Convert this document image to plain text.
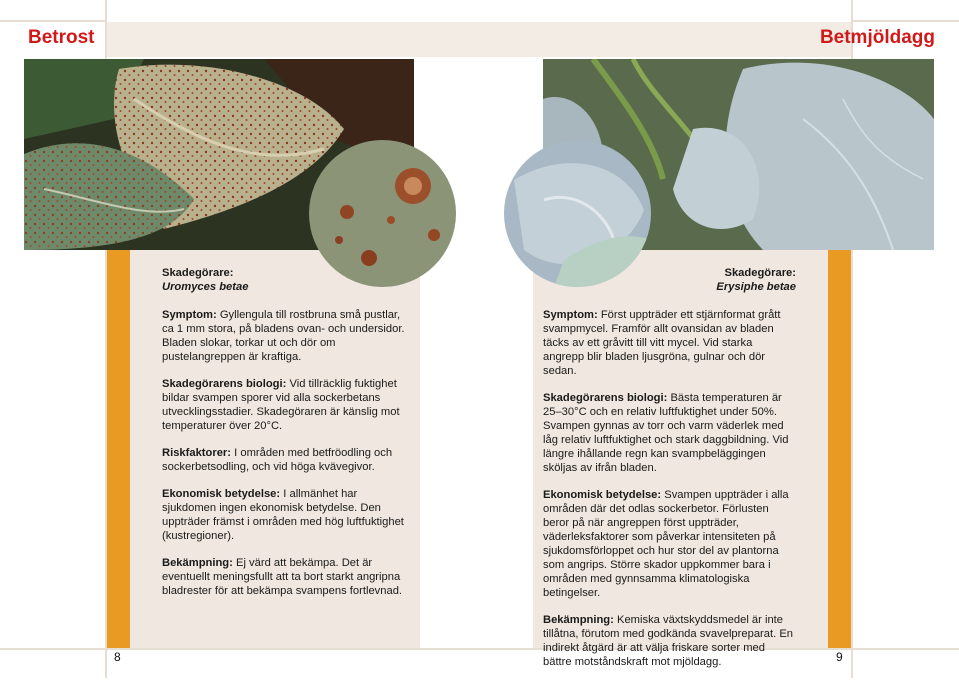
Betrost	Betmjöldagg
Skadegörare:
Uromyces betae

Symptom: Gyllengula till rostbruna små pustlar, ca 1 mm stora, på bladens ovan- och undersidor. Bladen slokar, torkar ut och dör om pustelangreppen är kraftiga.

Skadegörarens biologi: Vid tillräcklig fuktighet bildar svampen sporer vid alla sockerbetans utvecklingsstadier. Skadegöraren är känslig mot temperaturer över 20°C.

Riskfaktorer: I områden med betfröodling och sockerbetsodling, och vid höga kvävegivor.

Ekonomisk betydelse: I allmänhet har sjukdomen ingen ekonomisk betydelse. Den uppträder främst i områden med hög luftfuktighet (kustregioner).

Bekämpning: Ej värd att bekämpa. Det är eventuellt meningsfullt att ta bort starkt angripna bladrester för att bekämpa svampens fortlevnad.

Skadegörare:
Erysiphe betae

Symptom: Först uppträder ett stjärnformat grått svampmycel. Framför allt ovansidan av bladen täcks av ett gråvitt till vitt mycel. Vid starka angrepp blir bladen ljusgröna, gulnar och dör sedan.

Skadegörarens biologi: Bästa temperaturen är 25–30°C och en relativ luftfuktighet under 50%. Svampen gynnas av torr och varm väderlek med låg relativ luftfuktighet och stark daggbildning. Vid längre ihållande regn kan svampbeläggingen sköljas av ifrån bladen.

Ekonomisk betydelse: Svampen uppträder i alla områden där det odlas sockerbetor. Förlusten beror på när angreppen först uppträder, väderleksfaktorer som påverkar intensiteten på sjukdomsförloppet och hur stor del av plantorna som angrips. Större skador uppkommer bara i områden med gynnsamma klimatologiska betingelser.

Bekämpning: Kemiska växtskyddsmedel är inte tillåtna, förutom med godkända svavelpreparat. En indirekt åtgärd är att välja friskare sorter med bättre motståndskraft mot mjöldagg.

8	9
